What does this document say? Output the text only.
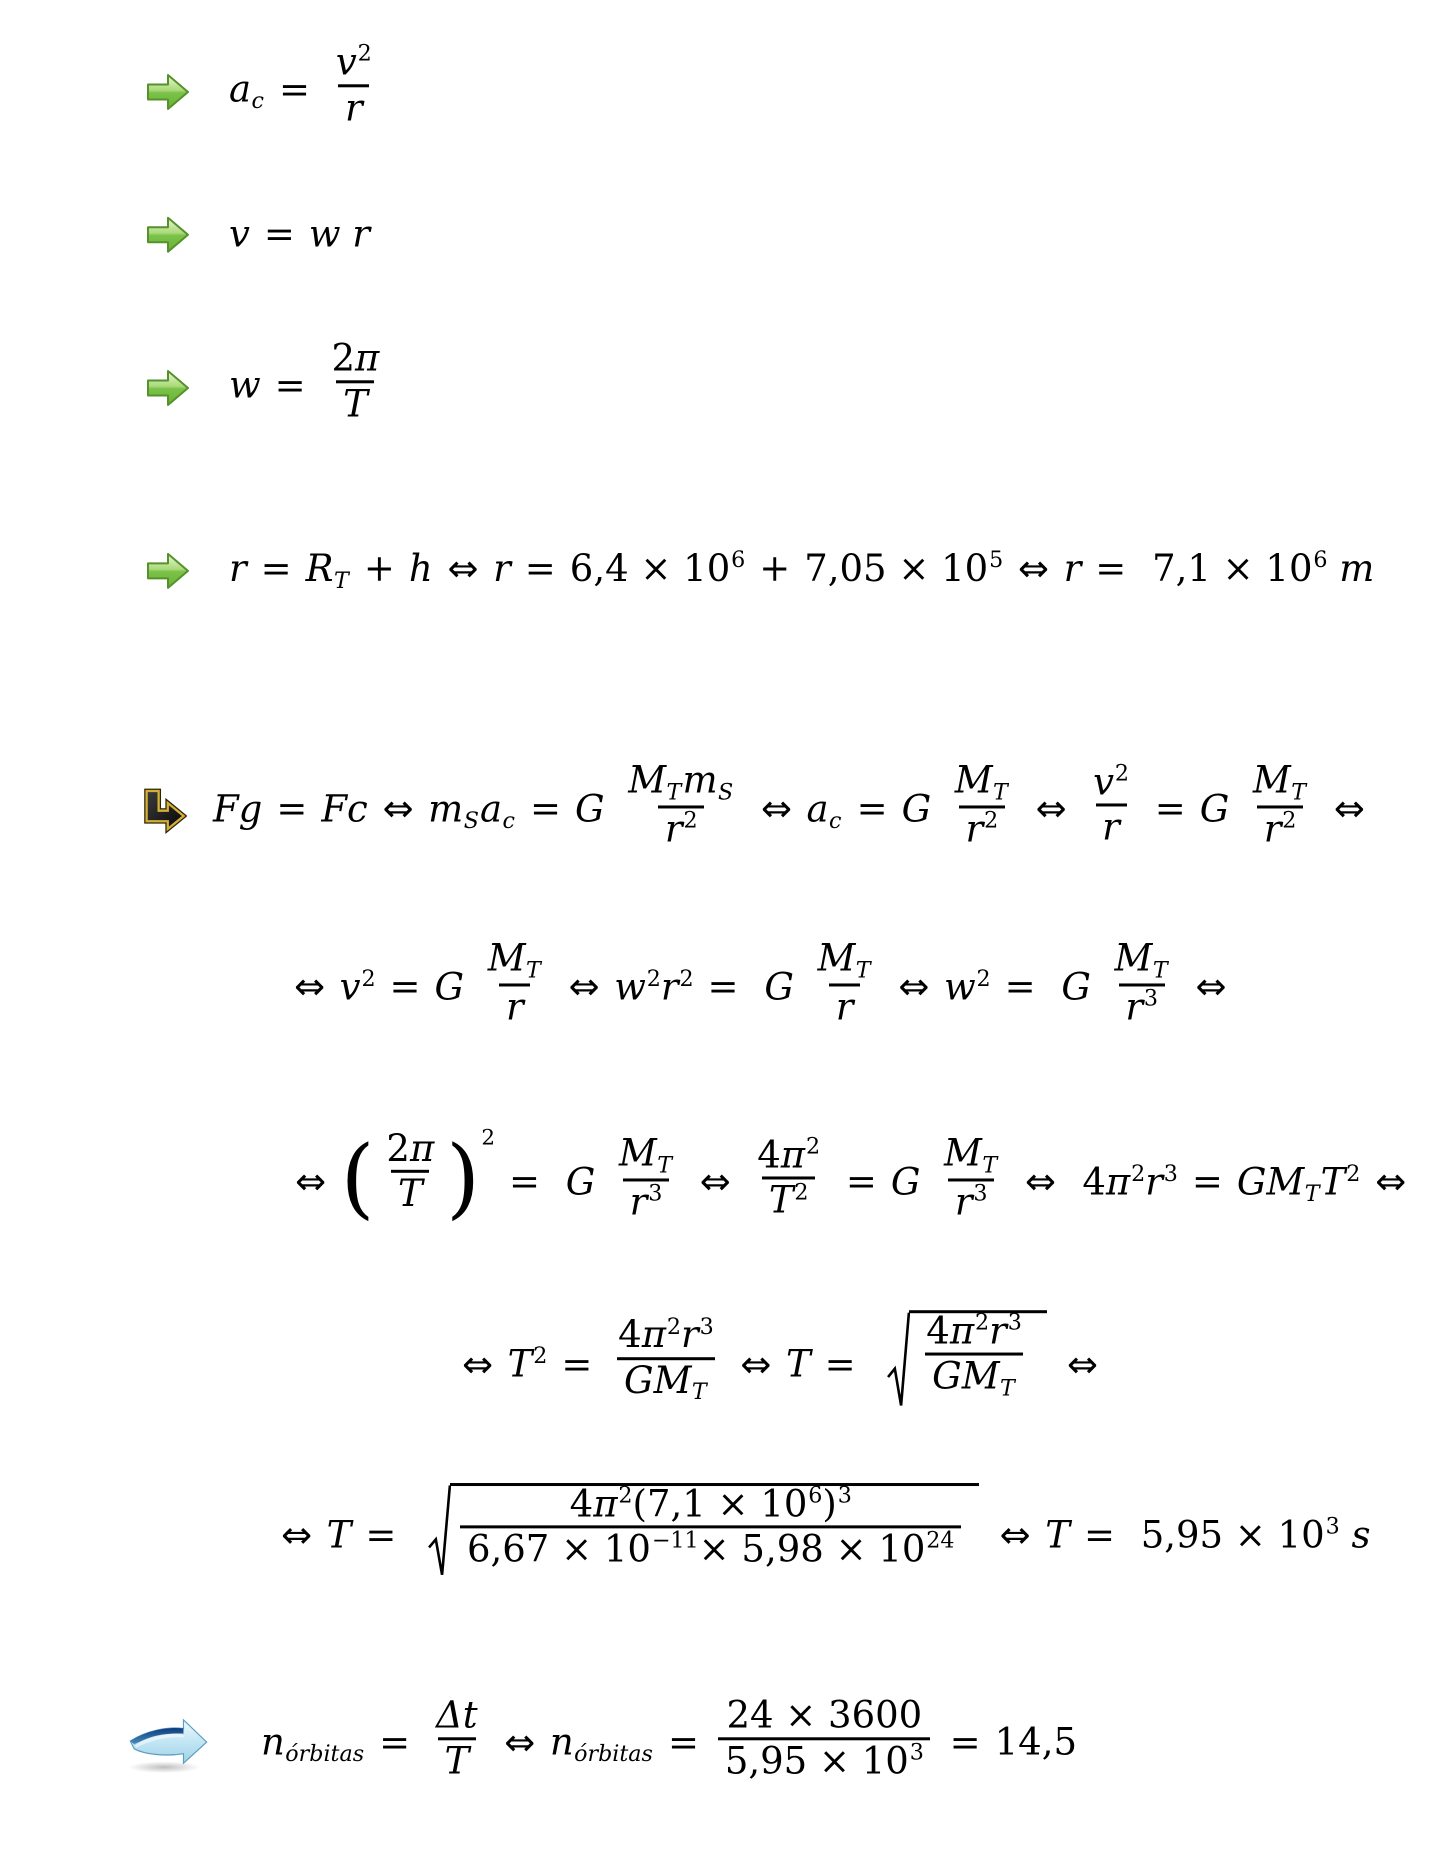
ac = $\frac{v^2}{r}$
v = w r
$w = \frac{2\pi}{T}$
r = RT + h ⇔ $r = 6,4 \times 10^6 + 7,05 \times 10^5$ ⇔ $r = 7,1 \times 10^6$ m
Fg = Fc ⇔ mSac = G $\frac{\text{MTmS}}{r^2}$ ⇔ ac = G $\frac{MT}{r^2}$ ⇔ $\frac{v^2}{r} = G \frac{MT}{r^2}$ ⇔
⇔ $v^2 = G \frac{MT}{r}$ ⇔ $w^2r^2 = G \frac{MT}{r}$ ⇔ $w^2 = G \frac{MT}{r^3}$ ⇔
⇔ ( $\frac{2\pi}{T}$ ) 2
=  G $\frac{MT}{r^3}$ ⇔ $\frac{4\pi^2}{T^2} = G \frac{MT}{r^3}$ ⇔  $4\pi^2r^3$ = $GMTT^2$ ⇔
⇔ $T^2 = \frac{4\pi^2r^3}{\text{GMT}}$ ⇔ $T = \frac{4\pi^2r^3}{\text{GMT}}$ ⇔
⇔ $T = \frac{4\pi^2(7,1 \times 10^6)^3}{6,67 \times 10^{-11}\times 5,98 \times 10^{24}}$ ⇔ $T = 5,95 \times 10^3$ s
nórbitas = $\frac{\Delta t}{T}$ ⇔ nórbitas = $\frac{24 \times 3600}{5,95 \times 10^3} = 14,5$
